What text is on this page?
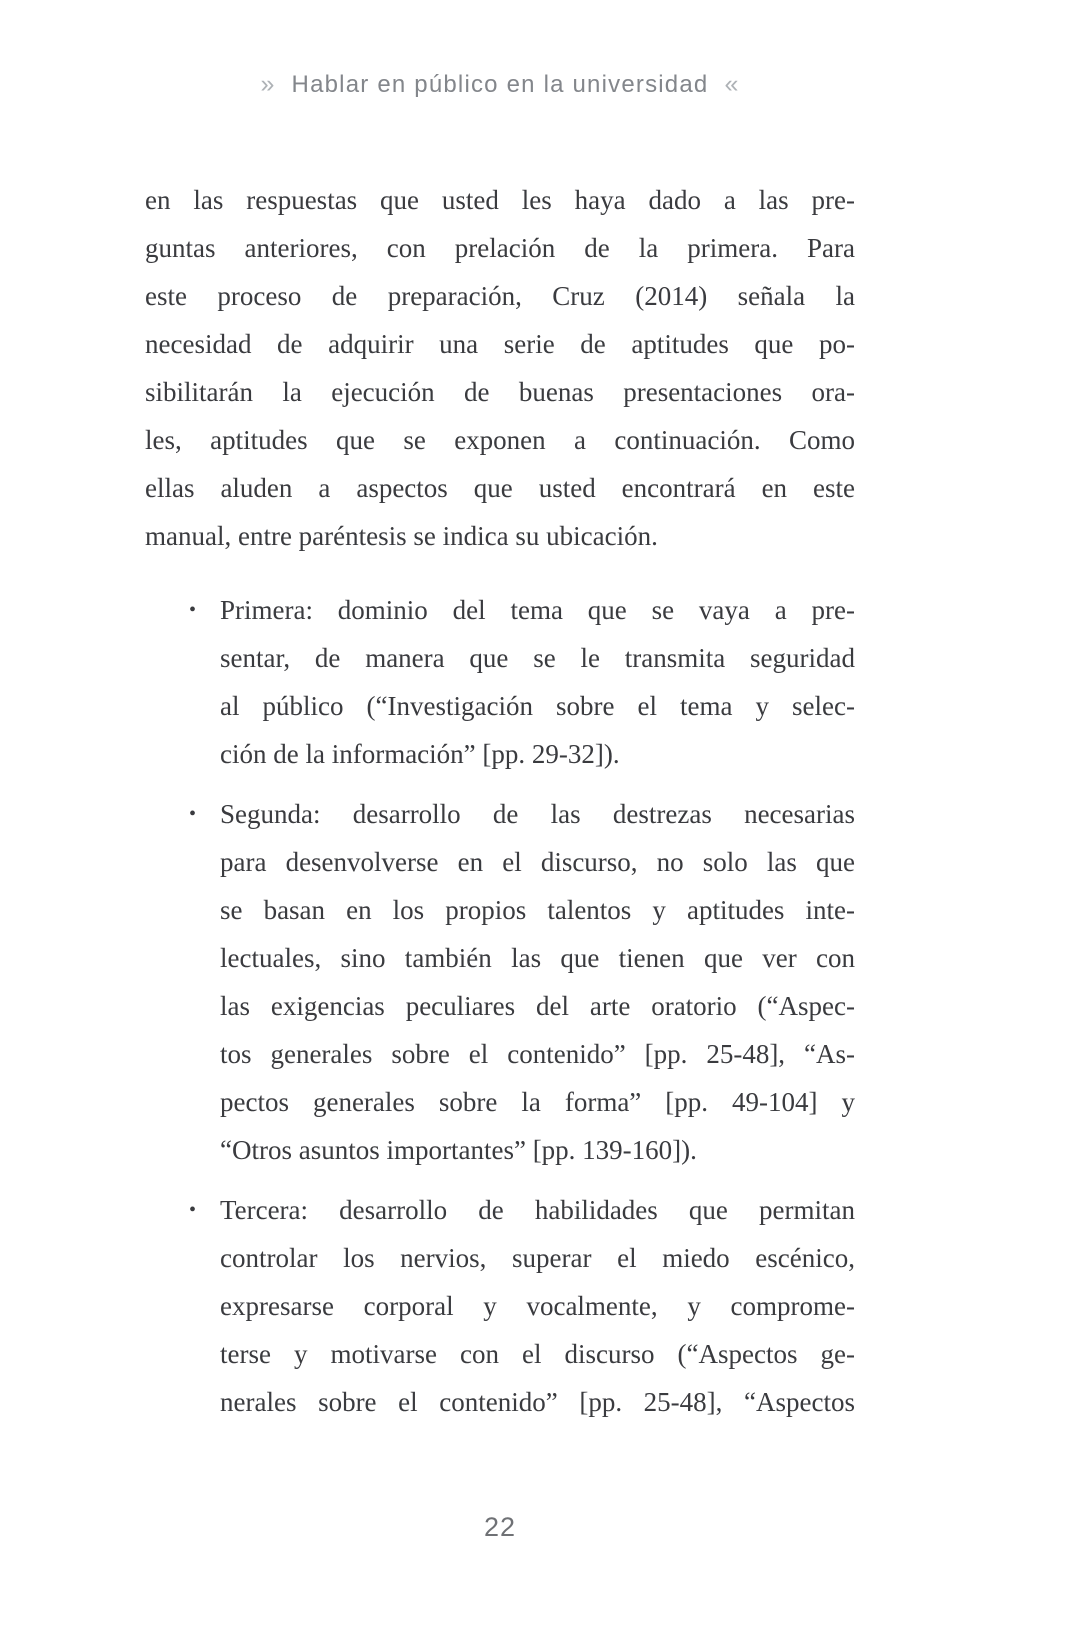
» Hablar en público en la universidad «
en las respuestas que usted les haya dado a las pre-
guntas anteriores, con prelación de la primera. Para
este proceso de preparación, Cruz (2014) señala la
necesidad de adquirir una serie de aptitudes que po-
sibilitarán la ejecución de buenas presentaciones ora-
les, aptitudes que se exponen a continuación. Como
ellas aluden a aspectos que usted encontrará en este
manual, entre paréntesis se indica su ubicación.
• Primera: dominio del tema que se vaya a pre-
sentar, de manera que se le transmita seguridad
al público (“Investigación sobre el tema y selec-
ción de la información” [pp. 29-32]).
• Segunda: desarrollo de las destrezas necesarias
para desenvolverse en el discurso, no solo las que
se basan en los propios talentos y aptitudes inte-
lectuales, sino también las que tienen que ver con
las exigencias peculiares del arte oratorio (“Aspec-
tos generales sobre el contenido” [pp. 25-48], “As-
pectos generales sobre la forma” [pp. 49-104] y
“Otros asuntos importantes” [pp. 139-160]).
• Tercera: desarrollo de habilidades que permitan
controlar los nervios, superar el miedo escénico,
expresarse corporal y vocalmente, y comprome-
terse y motivarse con el discurso (“Aspectos ge-
nerales sobre el contenido” [pp. 25-48], “Aspectos
22
